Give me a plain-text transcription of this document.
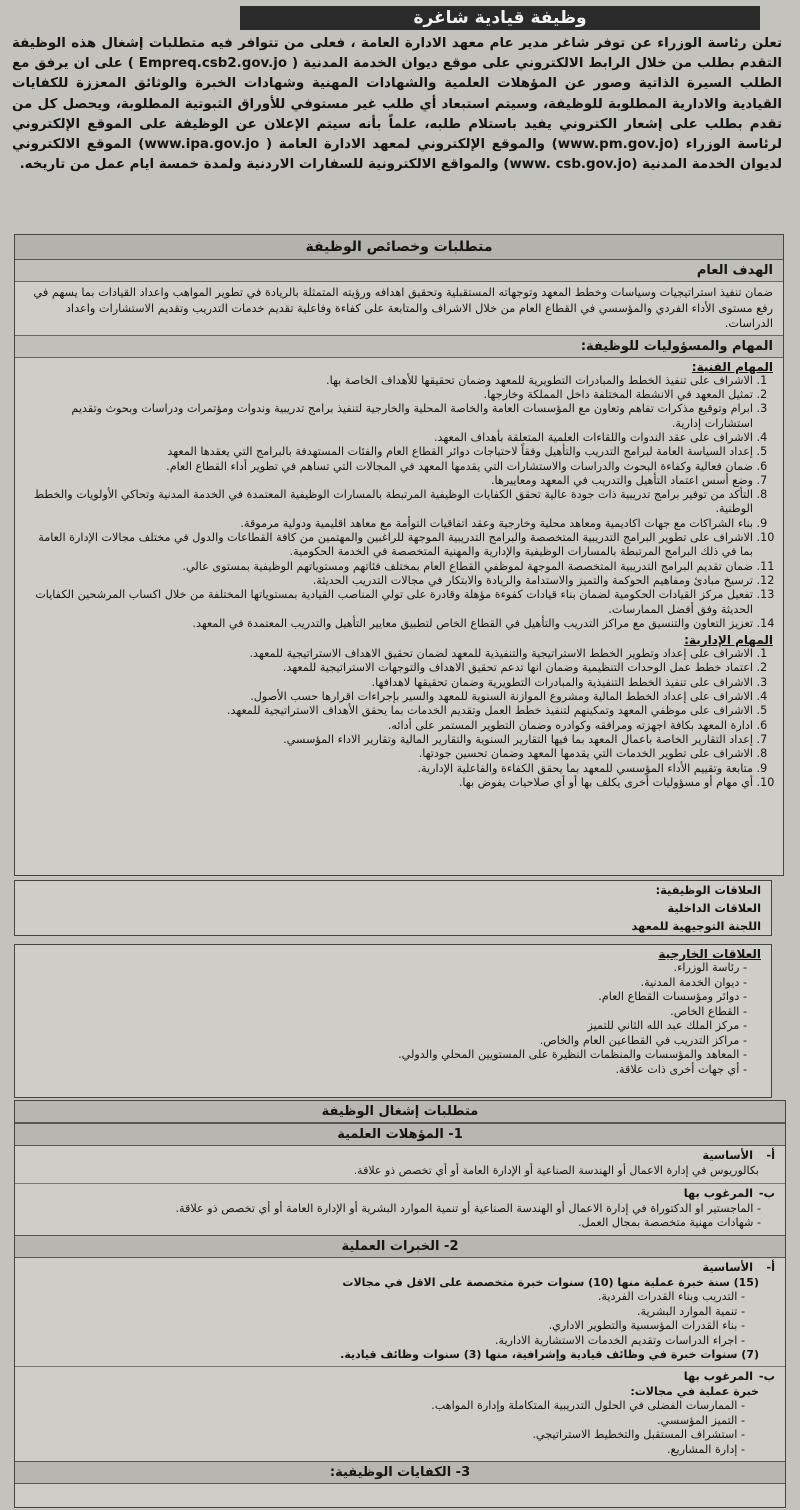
وظيفة قيادية شاغرة

تعلن رئاسة الوزراء عن توفر شاغر مدير عام معهد الادارة العامة ، فعلى من تتوافر فيه متطلبات إشغال هذه الوظيفة التقدم بطلب من خلال الرابط الالكتروني على موقع ديوان الخدمة المدنية ( Empreq.csb2.gov.jo ) على ان يرفق مع الطلب السيرة الذاتية وصور عن المؤهلات العلمية والشهادات المهنية وشهادات الخبرة والوثائق المعززة للكفايات القيادية والادارية المطلوبة للوظيفة، وسيتم استبعاد أي طلب غير مستوفي للأوراق الثبوتية المطلوبة، ويحصل كل من تقدم بطلب على إشعار الكتروني يفيد باستلام طلبه، علماً بأنه سيتم الإعلان عن الوظيفة على الموقع الإلكتروني لرئاسة الوزراء (www.pm.gov.jo) والموقع الإلكتروني لمعهد الادارة العامة ( www.ipa.gov.jo) الموقع الالكتروني لديوان الخدمة المدنية (www. csb.gov.jo) والمواقع الالكترونية للسفارات الاردنية ولمدة خمسة ايام عمل من تاريخه.

متطلبات وخصائص الوظيفة
الهدف العام
ضمان تنفيذ استراتيجيات وسياسات وخطط المعهد وتوجهاته المستقبلية وتحقيق اهدافه ورؤيته المتمثلة بالريادة في تطوير المواهب واعداد القيادات بما يسهم في رفع مستوى الأداء الفردي والمؤسسي في القطاع العام من خلال الاشراف والمتابعة على كفاءة وفاعلية تقديم خدمات التدريب وتقديم الاستشارات واعداد الدراسات.
المهام والمسؤوليات للوظيفة:
المهام الفنية:
1. الاشراف على تنفيذ الخطط والمبادرات التطويرية للمعهد وضمان تحقيقها للأهداف الخاصة بها.
2. تمثيل المعهد في الانشطة المختلفة داخل المملكة وخارجها.
3. ابرام وتوقيع مذكرات تفاهم وتعاون مع المؤسسات العامة والخاصة المحلية والخارجية لتنفيذ برامج تدريبية وندوات ومؤتمرات ودراسات وبحوث وتقديم استشارات إدارية.
4. الاشراف على عقد الندوات واللقاءات العلمية المتعلقة بأهداف المعهد.
5. إعداد السياسة العامة لبرامج التدريب والتأهيل وفقاً لاحتياجات دوائر القطاع العام والفئات المستهدفة بالبرامج التي يعقدها المعهد
6. ضمان فعالية وكفاءة البحوث والدراسات والاستشارات التي يقدمها المعهد في المجالات التي تساهم في تطوير أداء القطاع العام.
7. وضع أسس اعتماد التأهيل والتدريب في المعهد ومعاييرها.
8. التأكد من توفير برامج تدريبية ذات جودة عالية تحقق الكفايات الوظيفية المرتبطة بالمسارات الوظيفية المعتمدة في الخدمة المدنية وتحاكي الأولويات والخطط الوطنية.
9. بناء الشراكات مع جهات اكاديمية ومعاهد محلية وخارجية وعقد اتفاقيات التوأمة مع معاهد اقليمية ودولية مرموقة.
10. الاشراف على تطوير البرامج التدريبية المتخصصة والبرامج التدريبية الموجهة للراغبين والمهتمين من كافة القطاعات والدول في مختلف مجالات الإدارة العامة بما في ذلك البرامج المرتبطة بالمسارات الوظيفية والإدارية والمهنية المتخصصة في الخدمة الحكومية.
11. ضمان تقديم البرامج التدريبية المتخصصة الموجهة لموظفي القطاع العام بمختلف فئاتهم ومستوياتهم الوظيفية بمستوى عالي.
12. ترسيخ مبادئ ومفاهيم الحوكمة والتميز والاستدامة والريادة والابتكار في مجالات التدريب الحديثة.
13. تفعيل مركز القيادات الحكومية لضمان بناء قيادات كفوءة مؤهلة وقادرة على تولي المناصب القيادية بمستوياتها المختلفة من خلال اكساب المرشحين الكفايات الحديثة وفق أفضل الممارسات.
14. تعزيز التعاون والتنسيق مع مراكز التدريب والتأهيل في القطاع الخاص لتطبيق معايير التأهيل والتدريب المعتمدة في المعهد.
المهام الإدارية:
1. الاشراف على إعداد وتطوير الخطط الاستراتيجية والتنفيذية للمعهد لضمان تحقيق الاهداف الاستراتيجية للمعهد.
2. اعتماد خطط عمل الوحدات التنظيمية وضمان انها تدعم تحقيق الاهداف والتوجهات الاستراتيجية للمعهد.
3. الاشراف على تنفيذ الخطط التنفيذية والمبادرات التطويرية وضمان تحقيقها لاهدافها.
4. الاشراف على إعداد الخطط المالية ومشروع الموازنة السنوية للمعهد والسير بإجراءات اقرارها حسب الأصول.
5. الاشراف على موظفي المعهد وتمكينهم لتنفيذ خطط العمل وتقديم الخدمات بما يحقق الأهداف الاستراتيجية للمعهد.
6. ادارة المعهد بكافة اجهزته ومرافقه وكوادره وضمان التطوير المستمر على أدائه.
7. إعداد التقارير الخاصة باعمال المعهد بما فيها التقارير السنوية والتقارير المالية وتقارير الاداء المؤسسي.
8. الاشراف على تطوير الخدمات التي يقدمها المعهد وضمان تحسين جودتها.
9. متابعة وتقييم الأداء المؤسسي للمعهد بما يحقق الكفاءة والفاعلية الإدارية.
10. أي مهام أو مسؤوليات أخرى يكلف بها أو أي صلاحيات يفوض بها.
العلاقات الوظيفية:
العلاقات الداخلية
اللجنة التوجيهية للمعهد
العلاقات الخارجية
- رئاسة الوزراء.
- ديوان الخدمة المدنية.
- دوائر ومؤسسات القطاع العام.
- القطاع الخاص.
- مركز الملك عبد الله الثاني للتميز
- مراكز التدريب في القطاعين العام والخاص.
- المعاهد والمؤسسات والمنظمات النظيرة على المستويين المحلي والدولي.
- أي جهات أخرى ذات علاقة.
متطلبات إشغال الوظيفة
1- المؤهلات العلمية
أ-
الأساسية
بكالوريوس في إدارة الاعمال أو الهندسة الصناعية أو الإدارة العامة أو أي تخصص ذو علاقة.
ب-
المرغوب بها
- الماجستير او الدكتوراة في إدارة الاعمال أو الهندسة الصناعية أو تنمية الموارد البشرية أو الإدارة العامة أو أي تخصص ذو علاقة.
- شهادات مهنية متخصصة بمجال العمل.
2- الخبرات العملية
أ-
الأساسية
(15) سنة خبرة عملية منها (10) سنوات خبرة متخصصة على الاقل في مجالات
- التدريب وبناء القدرات الفردية.
- تنمية الموارد البشرية.
- بناء القدرات المؤسسية والتطوير الاداري.
- اجراء الدراسات وتقديم الخدمات الاستشارية الادارية.
(7) سنوات خبرة في وظائف قيادية وإشرافية، منها (3) سنوات وظائف قيادية.
ب-
المرغوب بها
خبرة عملية في مجالات:
- الممارسات الفضلى في الحلول التدريبية المتكاملة وإدارة المواهب.
- التميز المؤسسي.
- استشراف المستقبل والتخطيط الاستراتيجي.
- إدارة المشاريع.
3- الكفايات الوظيفية:
